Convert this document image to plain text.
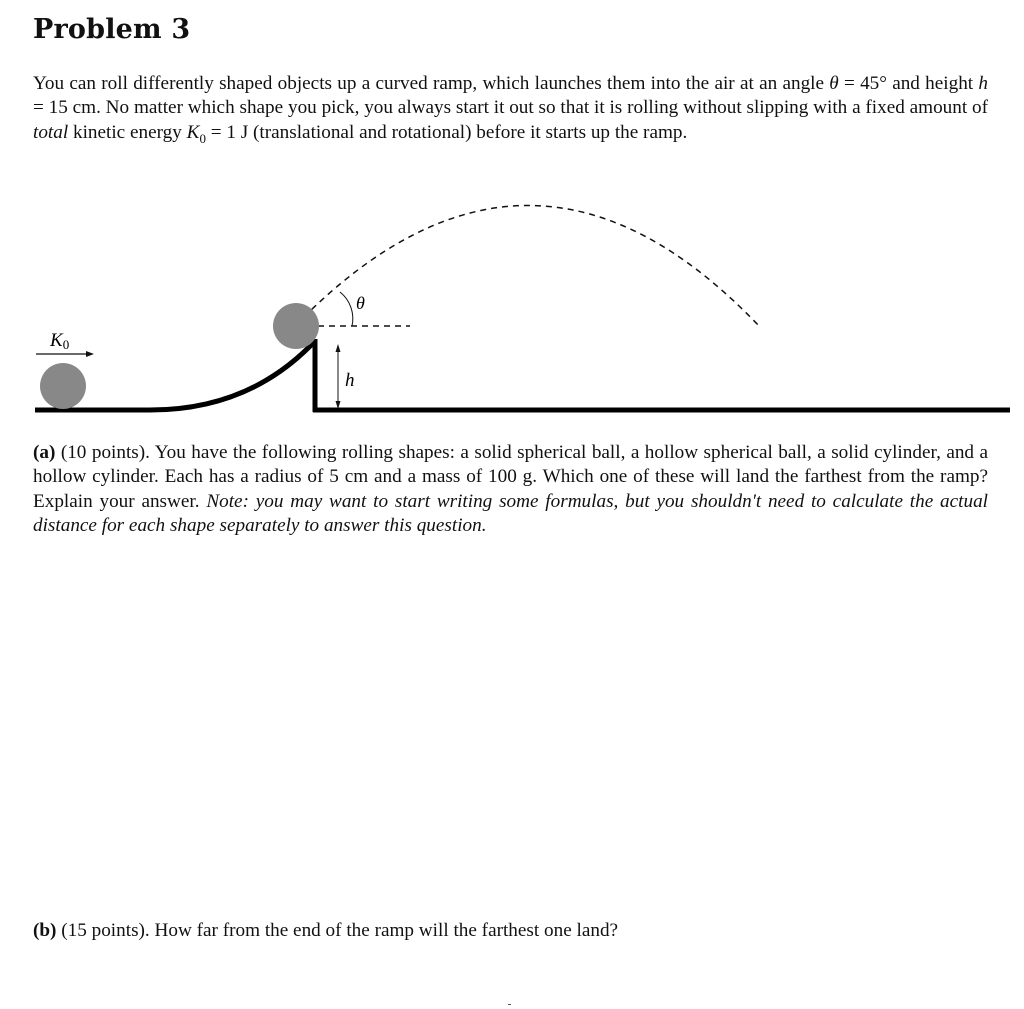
Problem 3
You can roll differently shaped objects up a curved ramp, which launches them into the air at an angle θ = 45° and height h = 15 cm. No matter which shape you pick, you always start it out so that it is rolling without slipping with a fixed amount of total kinetic energy $K_0 = 1$ J (translational and rotational) before it starts up the ramp.
θ
K0
h
(a) (10 points). You have the following rolling shapes: a solid spherical ball, a hollow spherical ball, a solid cylinder, and a hollow cylinder. Each has a radius of 5 cm and a mass of 100 g. Which one of these will land the farthest from the ramp? Explain your answer. Note: you may want to start writing some formulas, but you shouldn't need to calculate the actual distance for each shape separately to answer this question.
(b) (15 points). How far from the end of the ramp will the farthest one land?
